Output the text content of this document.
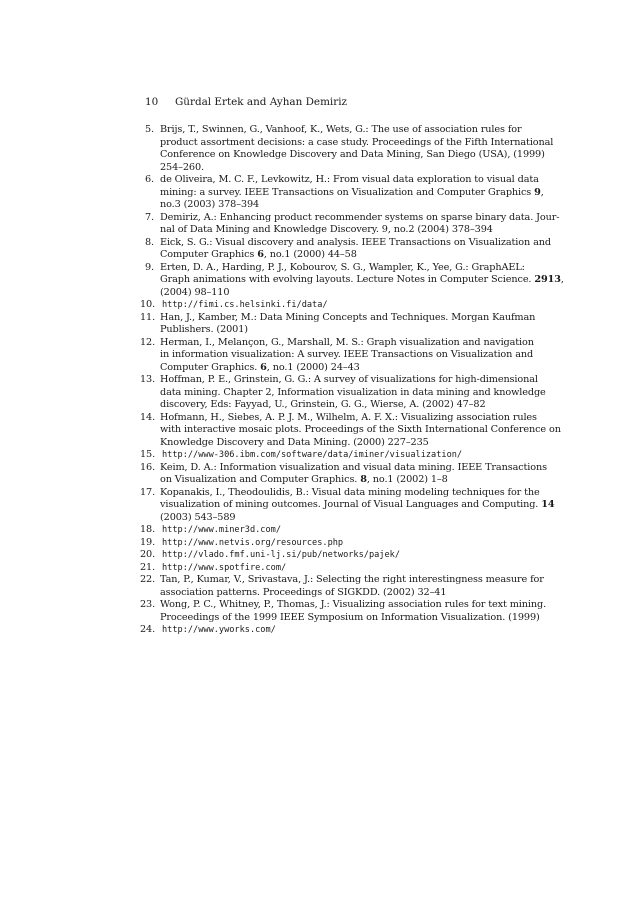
10 Gürdal Ertek and Ayhan Demiriz
5. Brijs, T., Swinnen, G., Vanhoof, K., Wets, G.: The use of association rules for
product assortment decisions: a case study. Proceedings of the Fifth International
Conference on Knowledge Discovery and Data Mining, San Diego (USA), (1999)
254–260.
6. de Oliveira, M. C. F., Levkowitz, H.: From visual data exploration to visual data
mining: a survey. IEEE Transactions on Visualization and Computer Graphics 9,
no.3 (2003) 378–394
7. Demiriz, A.: Enhancing product recommender systems on sparse binary data. Jour-
nal of Data Mining and Knowledge Discovery. 9, no.2 (2004) 378–394
8. Eick, S. G.: Visual discovery and analysis. IEEE Transactions on Visualization and
Computer Graphics 6, no.1 (2000) 44–58
9. Erten, D. A., Harding, P. J., Kobourov, S. G., Wampler, K., Yee, G.: GraphAEL:
Graph animations with evolving layouts. Lecture Notes in Computer Science. 2913,
(2004) 98–110
10. http://fimi.cs.helsinki.fi/data/
11. Han, J., Kamber, M.: Data Mining Concepts and Techniques. Morgan Kaufman
Publishers. (2001)
12. Herman, I., Melançon, G., Marshall, M. S.: Graph visualization and navigation
in information visualization: A survey. IEEE Transactions on Visualization and
Computer Graphics. 6, no.1 (2000) 24–43
13. Hoffman, P. E., Grinstein, G. G.: A survey of visualizations for high-dimensional
data mining. Chapter 2, Information visualization in data mining and knowledge
discovery, Eds: Fayyad, U., Grinstein, G. G., Wierse, A. (2002) 47–82
14. Hofmann, H., Siebes, A. P. J. M., Wilhelm, A. F. X.: Visualizing association rules
with interactive mosaic plots. Proceedings of the Sixth International Conference on
Knowledge Discovery and Data Mining. (2000) 227–235
15. http://www-306.ibm.com/software/data/iminer/visualization/
16. Keim, D. A.: Information visualization and visual data mining. IEEE Transactions
on Visualization and Computer Graphics. 8, no.1 (2002) 1–8
17. Kopanakis, I., Theodoulidis, B.: Visual data mining modeling techniques for the
visualization of mining outcomes. Journal of Visual Languages and Computing. 14
(2003) 543–589
18. http://www.miner3d.com/
19. http://www.netvis.org/resources.php
20. http://vlado.fmf.uni-lj.si/pub/networks/pajek/
21. http://www.spotfire.com/
22. Tan, P., Kumar, V., Srivastava, J.: Selecting the right interestingness measure for
association patterns. Proceedings of SIGKDD. (2002) 32–41
23. Wong, P. C., Whitney, P., Thomas, J.: Visualizing association rules for text mining.
Proceedings of the 1999 IEEE Symposium on Information Visualization. (1999)
24. http://www.yworks.com/
